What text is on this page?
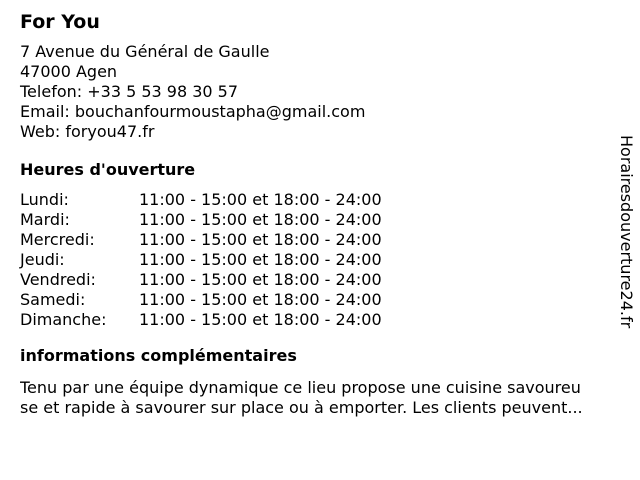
For You
7 Avenue du Général de Gaulle
47000 Agen
Telefon: +33 5 53 98 30 57
Email: bouchanfourmoustapha@gmail.com
Web: foryou47.fr
Heures d'ouverture
Lundi:	11:00 - 15:00 et 18:00 - 24:00
Mardi:	11:00 - 15:00 et 18:00 - 24:00
Mercredi:	11:00 - 15:00 et 18:00 - 24:00
Jeudi:	11:00 - 15:00 et 18:00 - 24:00
Vendredi:	11:00 - 15:00 et 18:00 - 24:00
Samedi:	11:00 - 15:00 et 18:00 - 24:00
Dimanche:	11:00 - 15:00 et 18:00 - 24:00
informations complémentaires
Tenu par une équipe dynamique ce lieu propose une cuisine savoureu
se et rapide à savourer sur place ou à emporter. Les clients peuvent...
Horairesdouverture24.fr
